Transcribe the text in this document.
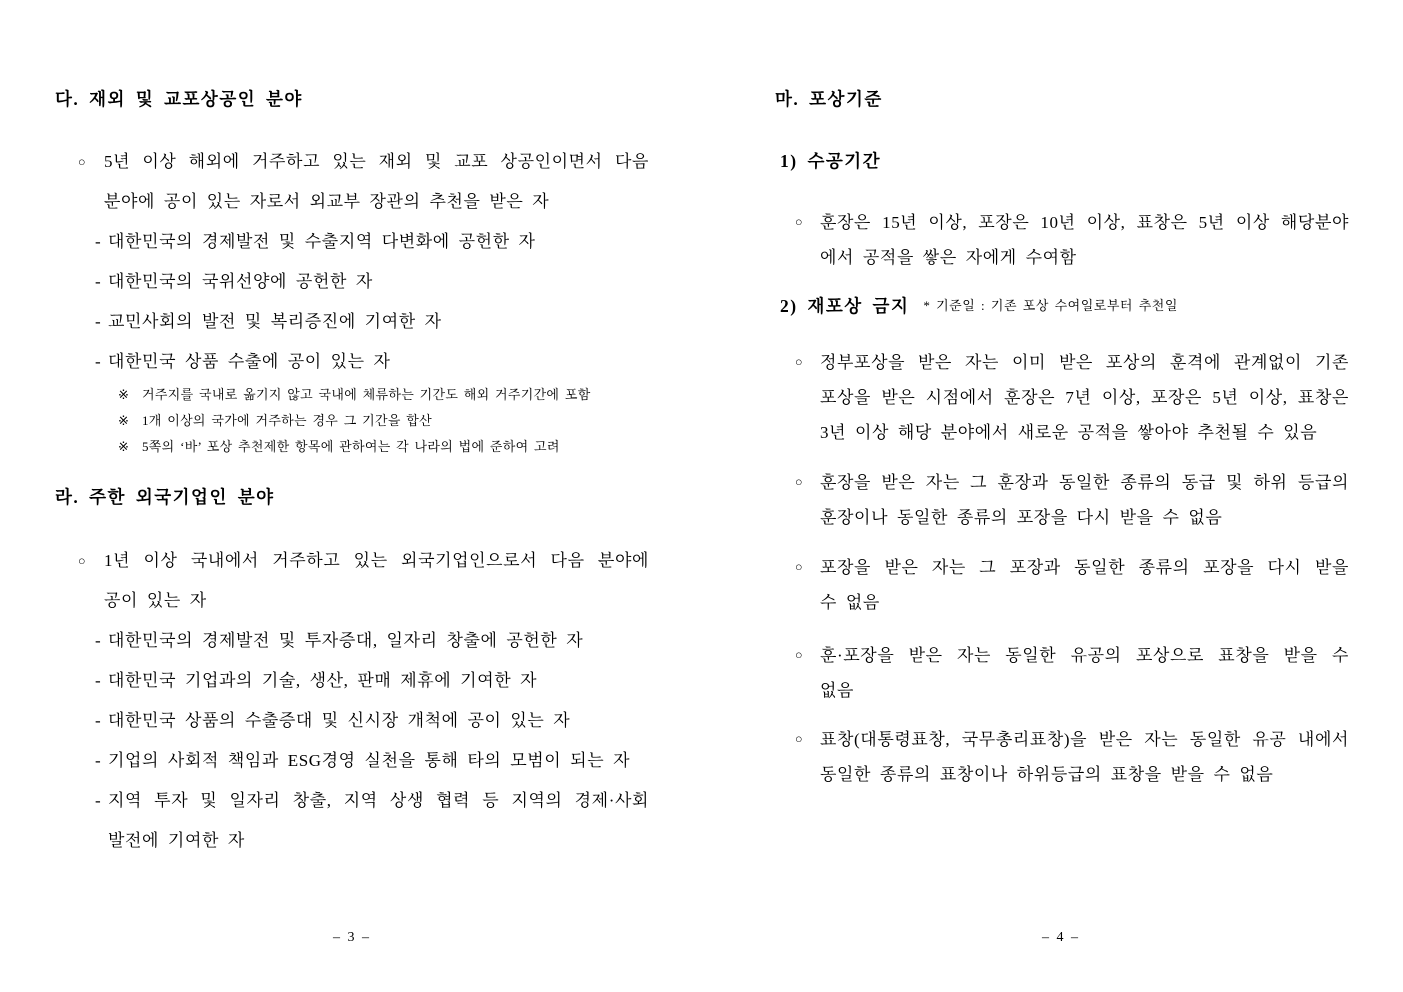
다. 재외 및 교포상공인 분야
○	5년 이상 해외에 거주하고 있는 재외 및 교포 상공인이면서 다음
분야에 공이 있는 자로서 외교부 장관의 추천을 받은 자
- 대한민국의 경제발전 및 수출지역 다변화에 공헌한 자
- 대한민국의 국위선양에 공헌한 자
- 교민사회의 발전 및 복리증진에 기여한 자
- 대한민국 상품 수출에 공이 있는 자
※	거주지를 국내로 옮기지 않고 국내에 체류하는 기간도 해외 거주기간에 포함
※	1개 이상의 국가에 거주하는 경우 그 기간을 합산
※	5쪽의 ‘바’ 포상 추천제한 항목에 관하여는 각 나라의 법에 준하여 고려
라. 주한 외국기업인 분야
○	1년 이상 국내에서 거주하고 있는 외국기업인으로서 다음 분야에
공이 있는 자
- 대한민국의 경제발전 및 투자증대, 일자리 창출에 공헌한 자
- 대한민국 기업과의 기술, 생산, 판매 제휴에 기여한 자
- 대한민국 상품의 수출증대 및 신시장 개척에 공이 있는 자
- 기업의 사회적 책임과 ESG경영 실천을 통해 타의 모범이 되는 자
- 지역 투자 및 일자리 창출, 지역 상생 협력 등 지역의 경제·사회
발전에 기여한 자
– 3 –
마. 포상기준
1) 수공기간
○	훈장은 15년 이상, 포장은 10년 이상, 표창은 5년 이상 해당분야
에서 공적을 쌓은 자에게 수여함
2) 재포상 금지 * 기준일 : 기존 포상 수여일로부터 추천일
○	정부포상을 받은 자는 이미 받은 포상의 훈격에 관계없이 기존
포상을 받은 시점에서 훈장은 7년 이상, 포장은 5년 이상, 표창은
3년 이상 해당 분야에서 새로운 공적을 쌓아야 추천될 수 있음
○	훈장을 받은 자는 그 훈장과 동일한 종류의 동급 및 하위 등급의
훈장이나 동일한 종류의 포장을 다시 받을 수 없음
○	포장을 받은 자는 그 포장과 동일한 종류의 포장을 다시 받을
수 없음
○	훈·포장을 받은 자는 동일한 유공의 포상으로 표창을 받을 수
없음
○	표창(대통령표창, 국무총리표창)을 받은 자는 동일한 유공 내에서
동일한 종류의 표창이나 하위등급의 표창을 받을 수 없음
– 4 –
